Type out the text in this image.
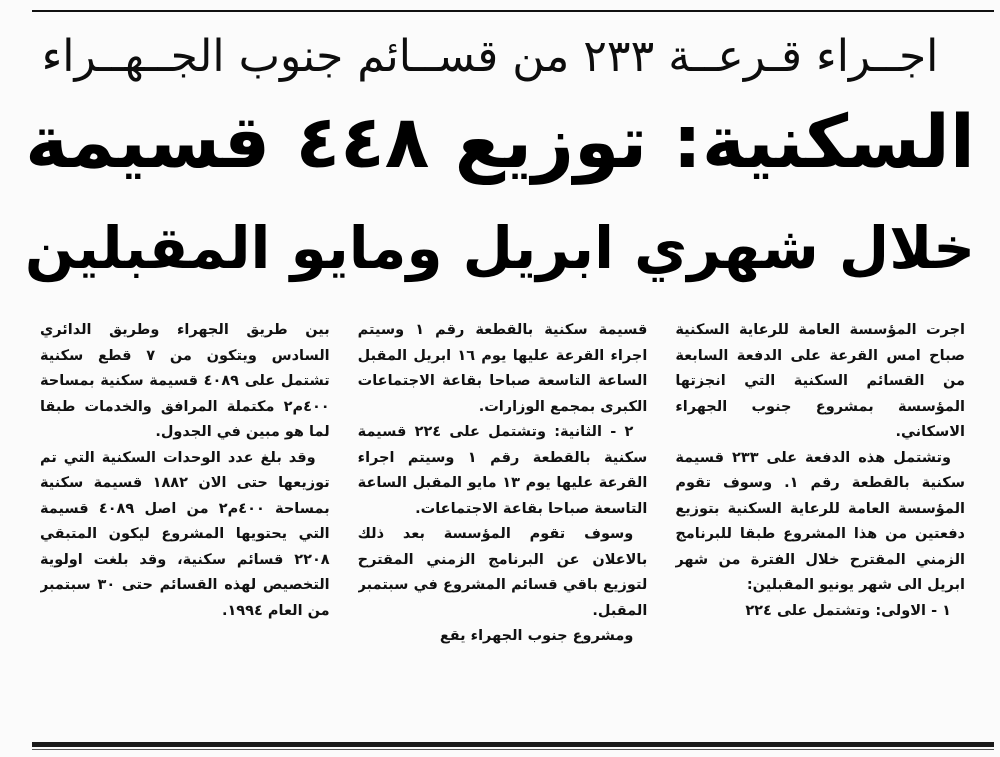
اجــراء قـرعــة ٢٣٣ من قســائم جنوب الجــهــراء
السكنية: توزيع ٤٤٨ قسيمة
خلال شهري ابريل ومايو المقبلين

اجرت المؤسسة العامة للرعاية السكنية صباح امس القرعة على الدفعة السابعة من القسائم السكنية التي انجزتها المؤسسة بمشروع جنوب الجهراء الاسكاني.

وتشتمل هذه الدفعة على ٢٣٣ قسيمة سكنية بالقطعة رقم ١. وسوف تقوم المؤسسة العامة للرعاية السكنية بتوزيع دفعتين من هذا المشروع طبقا للبرنامج الزمني المقترح خلال الفترة من شهر ابريل الى شهر يونيو المقبلين:

١ - الاولى: وتشتمل على ٢٢٤

قسيمة سكنية بالقطعة رقم ١ وسيتم اجراء القرعة عليها يوم ١٦ ابريل المقبل الساعة التاسعة صباحا بقاعة الاجتماعات الكبرى بمجمع الوزارات.

٢ - الثانية: وتشتمل على ٢٢٤ قسيمة سكنية بالقطعة رقم ١ وسيتم اجراء القرعة عليها يوم ١٣ مايو المقبل الساعة التاسعة صباحا بقاعة الاجتماعات.

وسوف تقوم المؤسسة بعد ذلك بالاعلان عن البرنامج الزمني المقترح لتوزيع باقي قسائم المشروع في سبتمبر المقبل.

ومشروع جنوب الجهراء يقع

بين طريق الجهراء وطريق الدائري السادس ويتكون من ٧ قطع سكنية تشتمل على ٤٠٨٩ قسيمة سكنية بمساحة ٤٠٠م٢ مكتملة المرافق والخدمات طبقا لما هو مبين في الجدول.

وقد بلغ عدد الوحدات السكنية التي تم توزيعها حتى الان ١٨٨٢ قسيمة سكنية بمساحة ٤٠٠م٢ من اصل ٤٠٨٩ قسيمة التي يحتويها المشروع ليكون المتبقي ٢٢٠٨ قسائم سكنية، وقد بلغت اولوية التخصيص لهذه القسائم حتى ٣٠ سبتمبر من العام ١٩٩٤.
